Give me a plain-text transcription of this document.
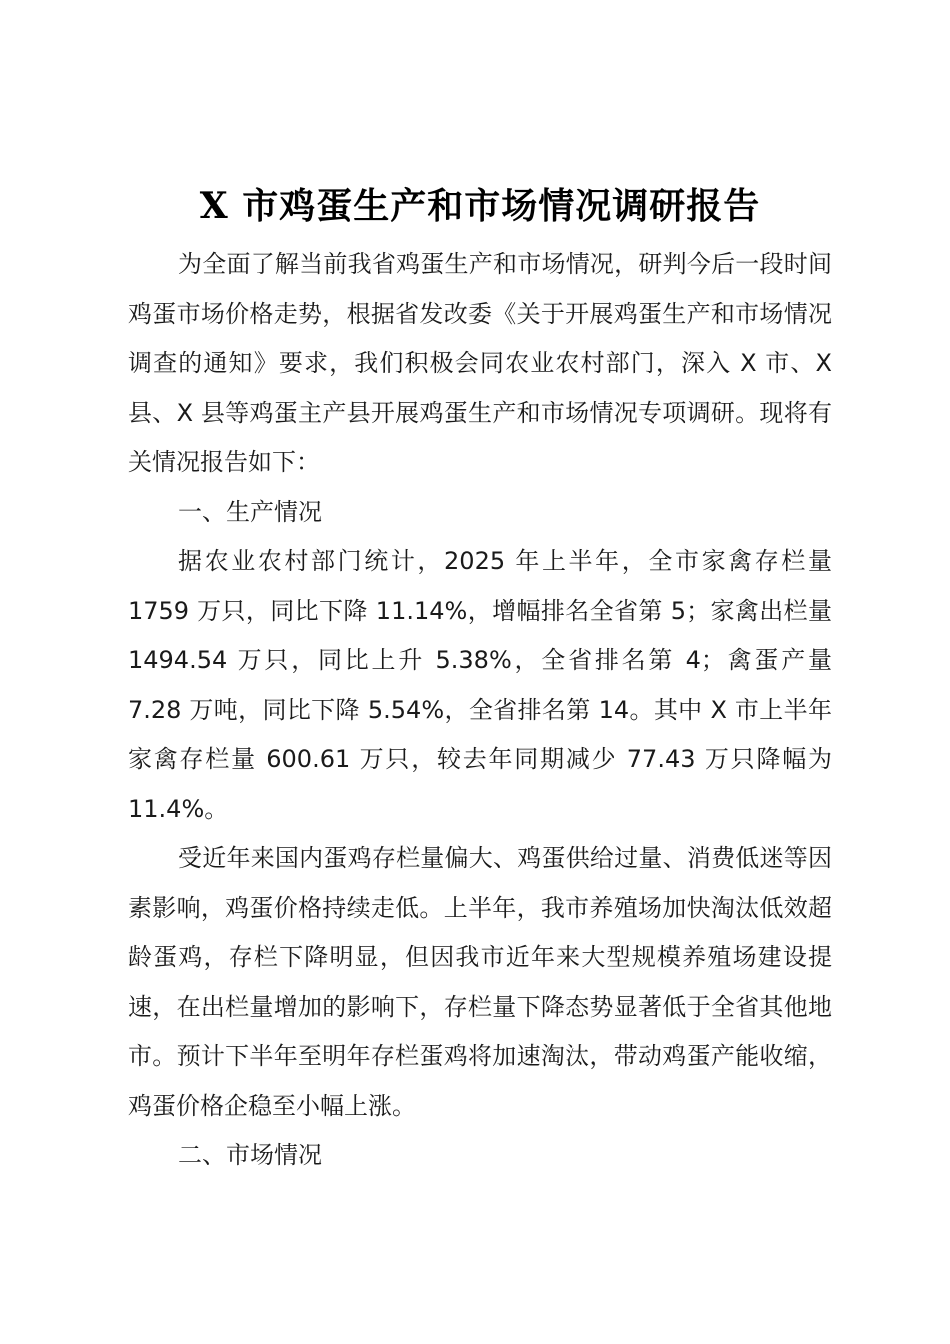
X 市鸡蛋生产和市场情况调研报告

为全面了解当前我省鸡蛋生产和市场情况，研判今后一段时间鸡蛋市场价格走势，根据省发改委《关于开展鸡蛋生产和市场情况调查的通知》要求，我们积极会同农业农村部门，深入 X 市、X 县、X 县等鸡蛋主产县开展鸡蛋生产和市场情况专项调研。现将有关情况报告如下：

一、生产情况

据农业农村部门统计，2025 年上半年，全市家禽存栏量 1759 万只，同比下降 11.14%，增幅排名全省第 5；家禽出栏量 1494.54 万只，同比上升 5.38%，全省排名第 4；禽蛋产量 7.28 万吨，同比下降 5.54%，全省排名第 14。其中 X 市上半年家禽存栏量 600.61 万只，较去年同期减少 77.43 万只降幅为 11.4%。

受近年来国内蛋鸡存栏量偏大、鸡蛋供给过量、消费低迷等因素影响，鸡蛋价格持续走低。上半年，我市养殖场加快淘汰低效超龄蛋鸡，存栏下降明显，但因我市近年来大型规模养殖场建设提速，在出栏量增加的影响下，存栏量下降态势显著低于全省其他地市。预计下半年至明年存栏蛋鸡将加速淘汰，带动鸡蛋产能收缩，鸡蛋价格企稳至小幅上涨。

二、市场情况
